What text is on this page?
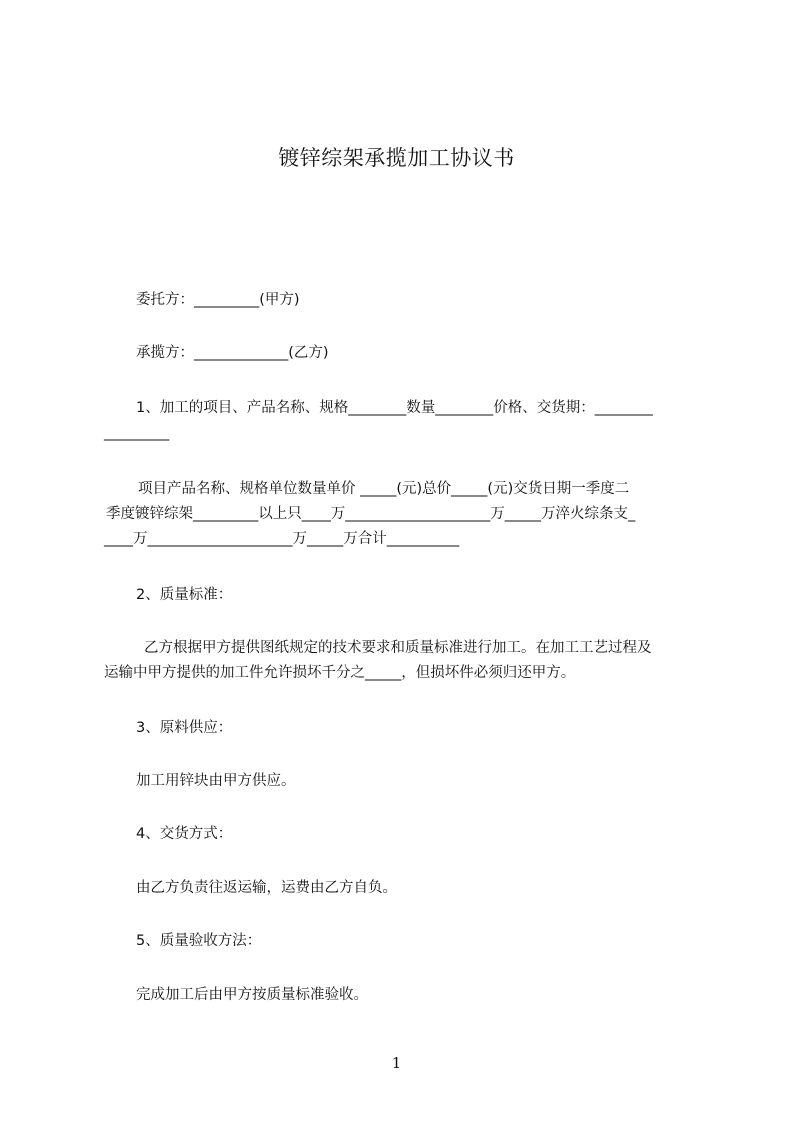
镀锌综架承揽加工协议书
委托方：_________(甲方)
承揽方：_____________(乙方)
1、加工的项目、产品名称、规格________数量________价格、交货期：________
_________
项目产品名称、规格单位数量单价 _____(元)总价_____(元)交货日期一季度二
季度镀锌综架_________以上只____万____________________万_____万淬火综条支_
____万____________________万_____万合计__________
2、质量标准：
乙方根据甲方提供图纸规定的技术要求和质量标准进行加工。在加工工艺过程及
运输中甲方提供的加工件允许损坏千分之_____，但损坏件必须归还甲方。
3、原料供应：
加工用锌块由甲方供应。
4、交货方式：
由乙方负责往返运输，运费由乙方自负。
5、质量验收方法：
完成加工后由甲方按质量标准验收。
1
